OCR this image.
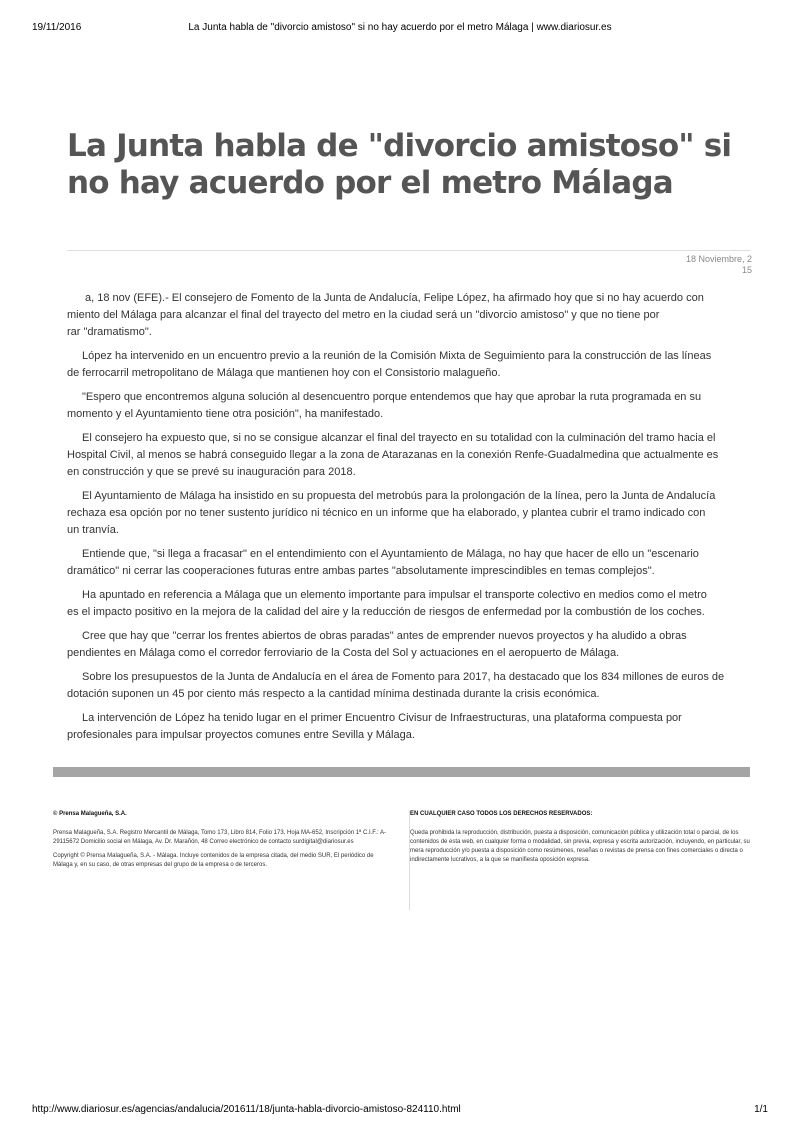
19/11/2016	La Junta habla de "divorcio amistoso" si no hay acuerdo por el metro Málaga | www.diariosur.es
La Junta habla de "divorcio amistoso" si no hay acuerdo por el metro Málaga
18 Noviembre, 2
15

a, 18 nov (EFE).- El consejero de Fomento de la Junta de Andalucía, Felipe López, ha afirmado hoy que si no hay acuerdo con
miento del Málaga para alcanzar el final del trayecto del metro en la ciudad será un "divorcio amistoso" y que no tiene por
rar "dramatismo".

López ha intervenido en un encuentro previo a la reunión de la Comisión Mixta de Seguimiento para la construcción de las líneas
de ferrocarril metropolitano de Málaga que mantienen hoy con el Consistorio malagueño.

"Espero que encontremos alguna solución al desencuentro porque entendemos que hay que aprobar la ruta programada en su
momento y el Ayuntamiento tiene otra posición", ha manifestado.

El consejero ha expuesto que, si no se consigue alcanzar el final del trayecto en su totalidad con la culminación del tramo hacia el
Hospital Civil, al menos se habrá conseguido llegar a la zona de Atarazanas en la conexión Renfe-Guadalmedina que actualmente es
en construcción y que se prevé su inauguración para 2018.

El Ayuntamiento de Málaga ha insistido en su propuesta del metrobús para la prolongación de la línea, pero la Junta de Andalucía
rechaza esa opción por no tener sustento jurídico ni técnico en un informe que ha elaborado, y plantea cubrir el tramo indicado con
un tranvía.

Entiende que, "si llega a fracasar" en el entendimiento con el Ayuntamiento de Málaga, no hay que hacer de ello un "escenario
dramático" ni cerrar las cooperaciones futuras entre ambas partes "absolutamente imprescindibles en temas complejos".

Ha apuntado en referencia a Málaga que un elemento importante para impulsar el transporte colectivo en medios como el metro
es el impacto positivo en la mejora de la calidad del aire y la reducción de riesgos de enfermedad por la combustión de los coches.

Cree que hay que "cerrar los frentes abiertos de obras paradas" antes de emprender nuevos proyectos y ha aludido a obras
pendientes en Málaga como el corredor ferroviario de la Costa del Sol y actuaciones en el aeropuerto de Málaga.

Sobre los presupuestos de la Junta de Andalucía en el área de Fomento para 2017, ha destacado que los 834 millones de euros de
dotación suponen un 45 por ciento más respecto a la cantidad mínima destinada durante la crisis económica.

La intervención de López ha tenido lugar en el primer Encuentro Civisur de Infraestructuras, una plataforma compuesta por
profesionales para impulsar proyectos comunes entre Sevilla y Málaga.

© Prensa Malagueña, S.A.

Prensa Malagueña, S.A. Registro Mercantil de Málaga, Tomo 173, Libro 814, Folio 173, Hoja MA-652, Inscripción 1ª C.I.F.: A-29115672 Domicilio social en Málaga, Av. Dr. Marañón, 48 Correo electrónico de contacto surdigital@diariosur.es

Copyright © Prensa Malagueña, S.A. - Málaga. Incluye contenidos de la empresa citada, del medio SUR, El periódico de Málaga y, en su caso, de otras empresas del grupo de la empresa o de terceros.

EN CUALQUIER CASO TODOS LOS DERECHOS RESERVADOS:

Queda prohibida la reproducción, distribución, puesta a disposición, comunicación pública y utilización total o parcial, de los contenidos de esta web, en cualquier forma o modalidad, sin previa, expresa y escrita autorización, incluyendo, en particular, su mera reproducción y/o puesta a disposición como resúmenes, reseñas o revistas de prensa con fines comerciales o directa o indirectamente lucrativos, a la que se manifiesta oposición expresa.

http://www.diariosur.es/agencias/andalucia/201611/18/junta-habla-divorcio-amistoso-824110.html	1/1
